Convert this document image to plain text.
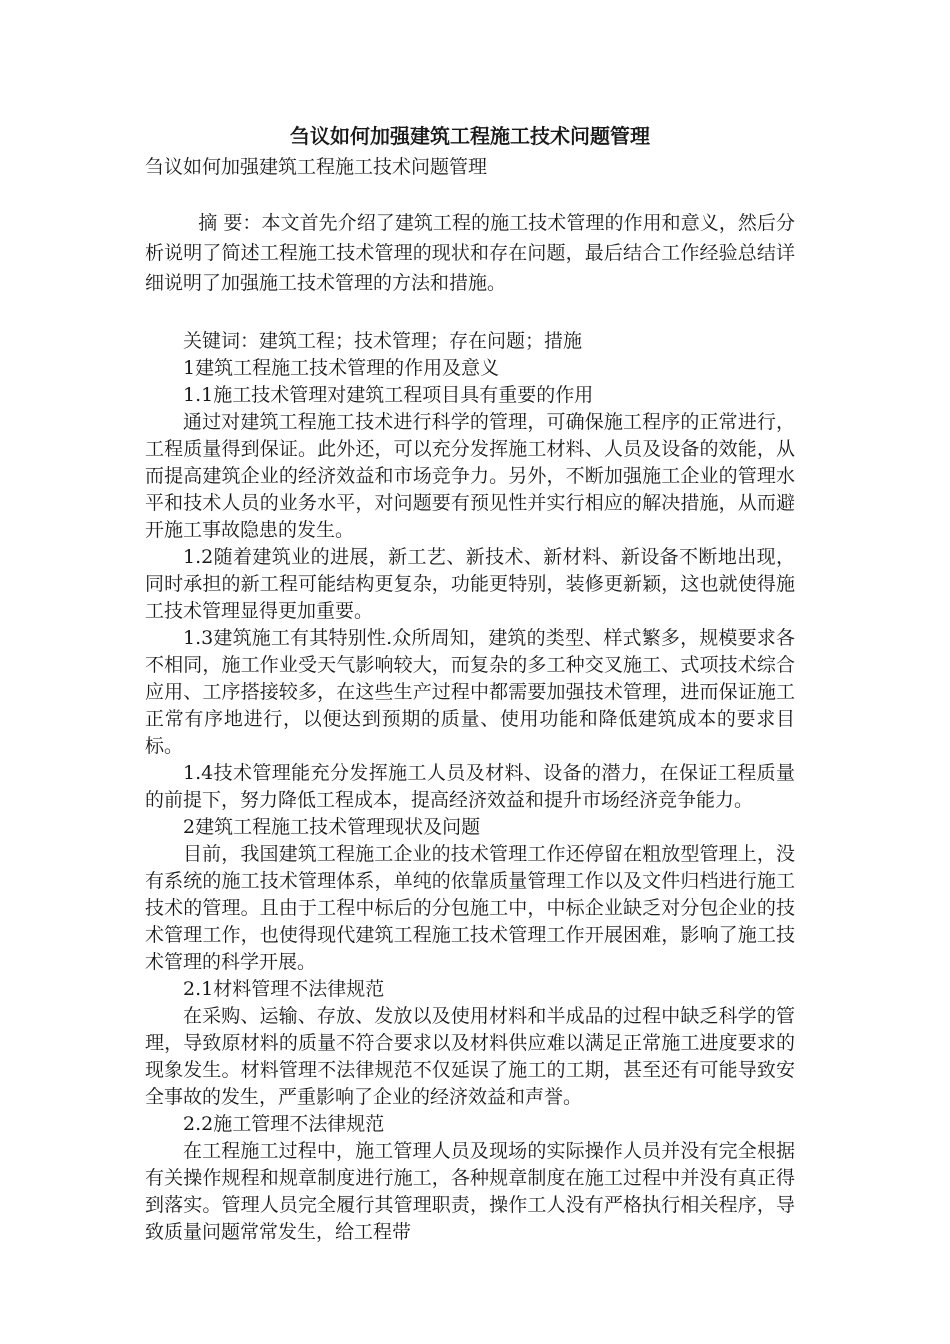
刍议如何加强建筑工程施工技术问题管理

刍议如何加强建筑工程施工技术问题管理

摘 要：本文首先介绍了建筑工程的施工技术管理的作用和意义，然后分析说明了简述工程施工技术管理的现状和存在问题，最后结合工作经验总结详细说明了加强施工技术管理的方法和措施。

关键词：建筑工程；技术管理；存在问题；措施

1建筑工程施工技术管理的作用及意义

1.1施工技术管理对建筑工程项目具有重要的作用

通过对建筑工程施工技术进行科学的管理，可确保施工程序的正常进行，工程质量得到保证。此外还，可以充分发挥施工材料、人员及设备的效能，从而提高建筑企业的经济效益和市场竞争力。另外，不断加强施工企业的管理水平和技术人员的业务水平，对问题要有预见性并实行相应的解决措施，从而避开施工事故隐患的发生。

1.2随着建筑业的进展，新工艺、新技术、新材料、新设备不断地出现，同时承担的新工程可能结构更复杂，功能更特别，装修更新颖，这也就使得施工技术管理显得更加重要。

1.3建筑施工有其特别性.众所周知，建筑的类型、样式繁多，规模要求各不相同，施工作业受天气影响较大，而复杂的多工种交叉施工、式项技术综合应用、工序搭接较多，在这些生产过程中都需要加强技术管理，进而保证施工正常有序地进行，以便达到预期的质量、使用功能和降低建筑成本的要求目标。

1.4技术管理能充分发挥施工人员及材料、设备的潜力，在保证工程质量的前提下，努力降低工程成本，提高经济效益和提升市场经济竞争能力。

2建筑工程施工技术管理现状及问题

目前，我国建筑工程施工企业的技术管理工作还停留在粗放型管理上，没有系统的施工技术管理体系，单纯的依靠质量管理工作以及文件归档进行施工技术的管理。且由于工程中标后的分包施工中，中标企业缺乏对分包企业的技术管理工作，也使得现代建筑工程施工技术管理工作开展困难，影响了施工技术管理的科学开展。

2.1材料管理不法律规范

在采购、运输、存放、发放以及使用材料和半成品的过程中缺乏科学的管理，导致原材料的质量不符合要求以及材料供应难以满足正常施工进度要求的现象发生。材料管理不法律规范不仅延误了施工的工期，甚至还有可能导致安全事故的发生，严重影响了企业的经济效益和声誉。

2.2施工管理不法律规范

在工程施工过程中，施工管理人员及现场的实际操作人员并没有完全根据有关操作规程和规章制度进行施工，各种规章制度在施工过程中并没有真正得到落实。管理人员完全履行其管理职责，操作工人没有严格执行相关程序，导致质量问题常常发生，给工程带
